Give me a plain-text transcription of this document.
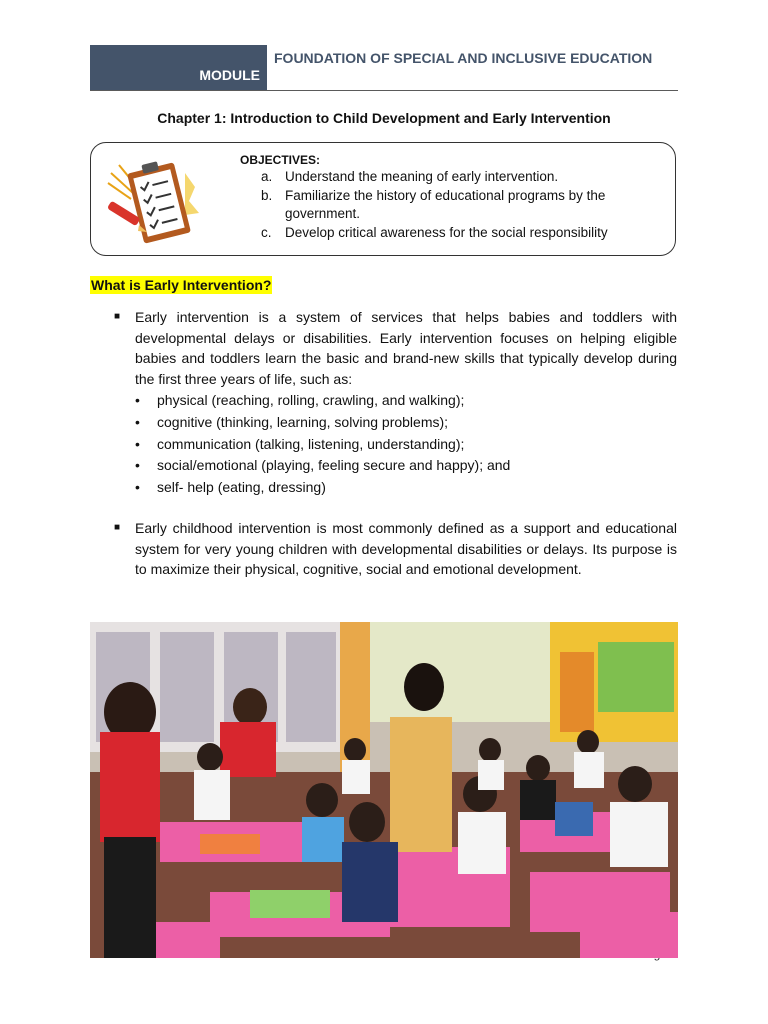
MODULE
FOUNDATION OF SPECIAL AND INCLUSIVE EDUCATION
Chapter 1: Introduction to Child Development and Early Intervention
OBJECTIVES:
a. Understand the meaning of early intervention.
b. Familiarize the history of educational programs by the government.
c. Develop critical awareness for the social responsibility
What is Early Intervention?
■ Early intervention is a system of services that helps babies and toddlers with developmental delays or disabilities. Early intervention focuses on helping eligible babies and toddlers learn the basic and brand-new skills that typically develop during the first three years of life, such as:
• physical (reaching, rolling, crawling, and walking);
• cognitive (thinking, learning, solving problems);
• communication (talking, listening, understanding);
• social/emotional (playing, feeling secure and happy); and
• self- help (eating, dressing)
■ Early childhood intervention is most commonly defined as a support and educational system for very young children with developmental disabilities or delays. Its purpose is to maximize their physical, cognitive, social and emotional development.
